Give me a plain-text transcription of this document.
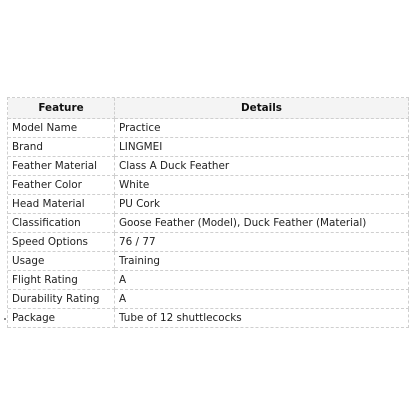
Feature	Details
Model Name	Practice
Brand	LINGMEI
Feather Material	Class A Duck Feather
Feather Color	White
Head Material	PU Cork
Classification	Goose Feather (Model), Duck Feather (Material)
Speed Options	76 / 77
Usage	Training
Flight Rating	A
Durability Rating	A
Package	Tube of 12 shuttlecocks
